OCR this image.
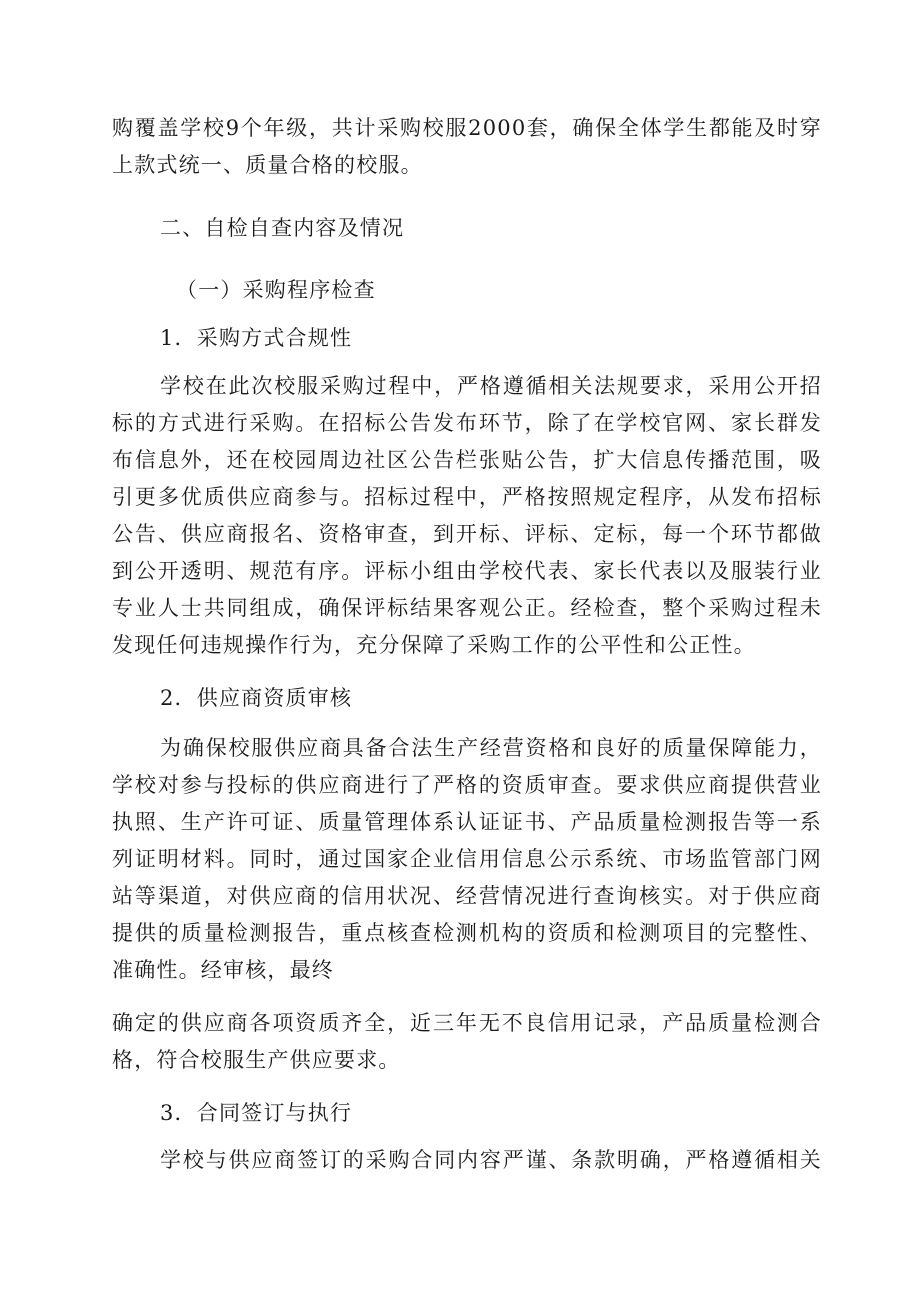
购覆盖学校9个年级，共计采购校服2000套，确保全体学生都能及时穿
上款式统一、质量合格的校服。
二、自检自查内容及情况
（一）采购程序检查
1．采购方式合规性
学校在此次校服采购过程中，严格遵循相关法规要求，采用公开招
标的方式进行采购。在招标公告发布环节，除了在学校官网、家长群发
布信息外，还在校园周边社区公告栏张贴公告，扩大信息传播范围，吸
引更多优质供应商参与。招标过程中，严格按照规定程序，从发布招标
公告、供应商报名、资格审查，到开标、评标、定标，每一个环节都做
到公开透明、规范有序。评标小组由学校代表、家长代表以及服装行业
专业人士共同组成，确保评标结果客观公正。经检查，整个采购过程未
发现任何违规操作行为，充分保障了采购工作的公平性和公正性。
2．供应商资质审核
为确保校服供应商具备合法生产经营资格和良好的质量保障能力，
学校对参与投标的供应商进行了严格的资质审查。要求供应商提供营业
执照、生产许可证、质量管理体系认证证书、产品质量检测报告等一系
列证明材料。同时，通过国家企业信用信息公示系统、市场监管部门网
站等渠道，对供应商的信用状况、经营情况进行查询核实。对于供应商
提供的质量检测报告，重点核查检测机构的资质和检测项目的完整性、
准确性。经审核，最终
确定的供应商各项资质齐全，近三年无不良信用记录，产品质量检测合
格，符合校服生产供应要求。
3．合同签订与执行
学校与供应商签订的采购合同内容严谨、条款明确，严格遵循相关
